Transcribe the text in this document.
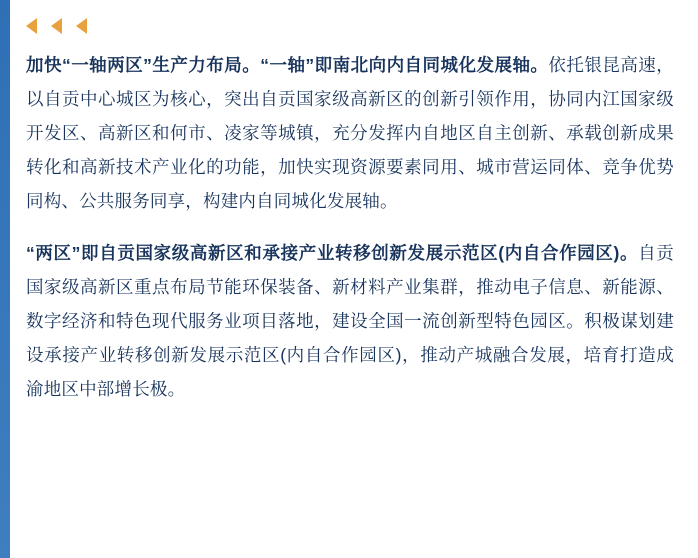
加快“一轴两区”生产力布局。“一轴”即南北向内自同城化发展轴。依托银昆高速，以自贡中心城区为核心，突出自贡国家级高新区的创新引领作用，协同内江国家级开发区、高新区和何市、凌家等城镇，充分发挥内自地区自主创新、承载创新成果转化和高新技术产业化的功能，加快实现资源要素同用、城市营运同体、竞争优势同构、公共服务同享，构建内自同城化发展轴。

“两区”即自贡国家级高新区和承接产业转移创新发展示范区(内自合作园区)。自贡国家级高新区重点布局节能环保装备、新材料产业集群，推动电子信息、新能源、数字经济和特色现代服务业项目落地，建设全国一流创新型特色园区。积极谋划建设承接产业转移创新发展示范区(内自合作园区)，推动产城融合发展，培育打造成渝地区中部增长极。
